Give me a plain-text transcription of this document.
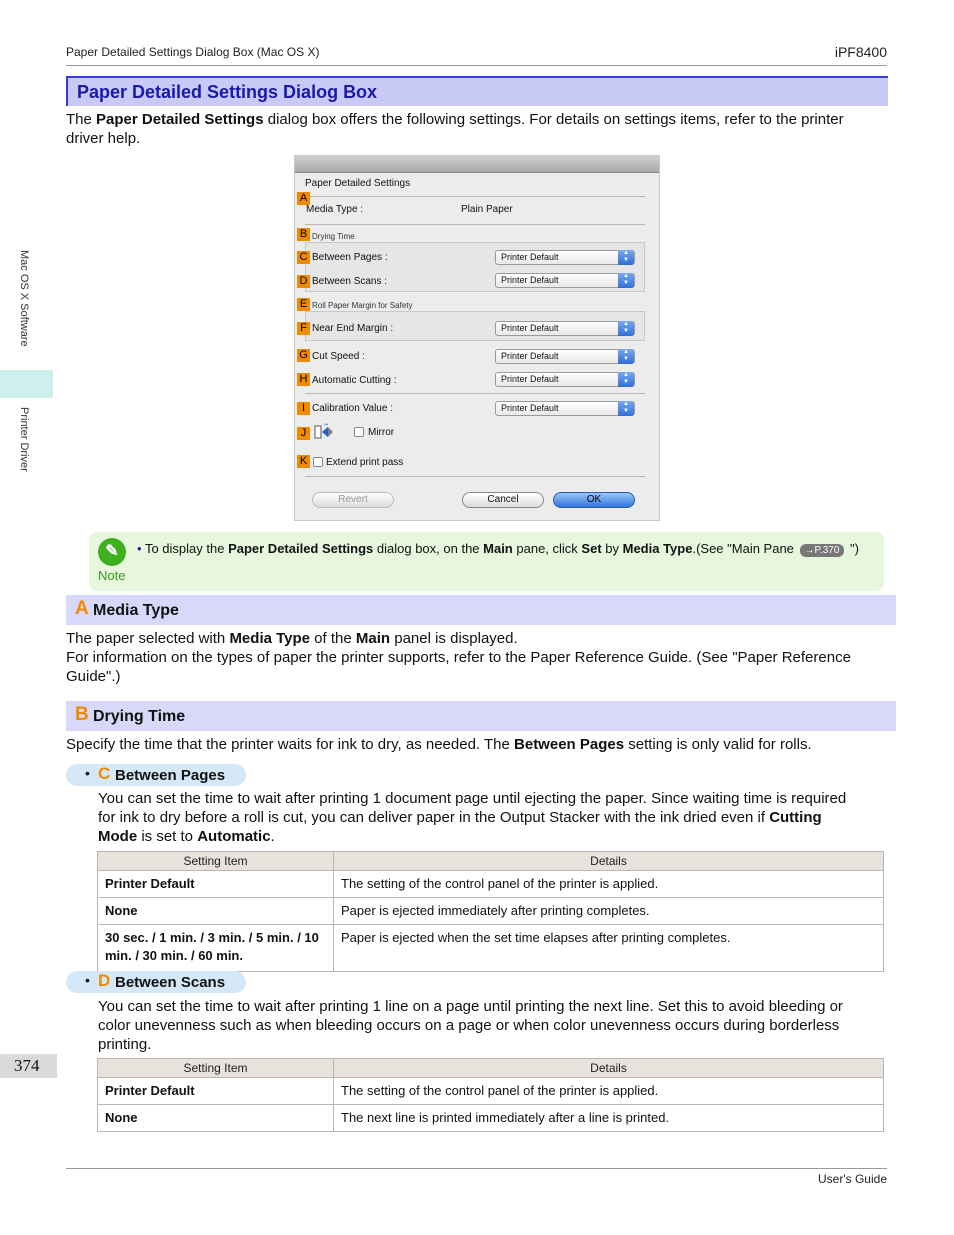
Paper Detailed Settings Dialog Box (Mac OS X)	iPF8400
Mac OS X Software
Printer Driver
374
Paper Detailed Settings Dialog Box
The Paper Detailed Settings dialog box offers the following settings. For details on settings items, refer to the printer
driver help.
Paper Detailed Settings
A
Media Type :	Plain Paper
B Drying Time
C Between Pages :	Printer Default	▲
▼
D Between Scans :	Printer Default	▲
▼
E Roll Paper Margin for Safety
F Near End Margin :	Printer Default	▲
▼
G Cut Speed :	Printer Default	▲
▼
H Automatic Cutting :	Printer Default	▲
▼
I Calibration Value :	Printer Default	▲
▼
J
↔
Mirror
K Extend print pass
Revert	Cancel	OK
✎
Note
• To display the Paper Detailed Settings dialog box, on the Main pane, click Set by Media Type.(See "Main Pane →P.370 ")
A Media Type
The paper selected with Media Type of the Main panel is displayed.
For information on the types of paper the printer supports, refer to the Paper Reference Guide. (See "Paper Reference
Guide".)
B Drying Time
Specify the time that the printer waits for ink to dry, as needed. The Between Pages setting is only valid for rolls.
• C Between Pages
You can set the time to wait after printing 1 document page until ejecting the paper. Since waiting time is required
for ink to dry before a roll is cut, you can deliver paper in the Output Stacker with the ink dried even if Cutting
Mode is set to Automatic.
Setting Item	Details
Printer Default	The setting of the control panel of the printer is applied.
None	Paper is ejected immediately after printing completes.
30 sec. / 1 min. / 3 min. / 5 min. / 10 min. / 30 min. / 60 min.	Paper is ejected when the set time elapses after printing completes.
• D Between Scans
You can set the time to wait after printing 1 line on a page until printing the next line. Set this to avoid bleeding or
color unevenness such as when bleeding occurs on a page or when color unevenness occurs during borderless
printing.
Setting Item	Details
Printer Default	The setting of the control panel of the printer is applied.
None	The next line is printed immediately after a line is printed.
User's Guide
